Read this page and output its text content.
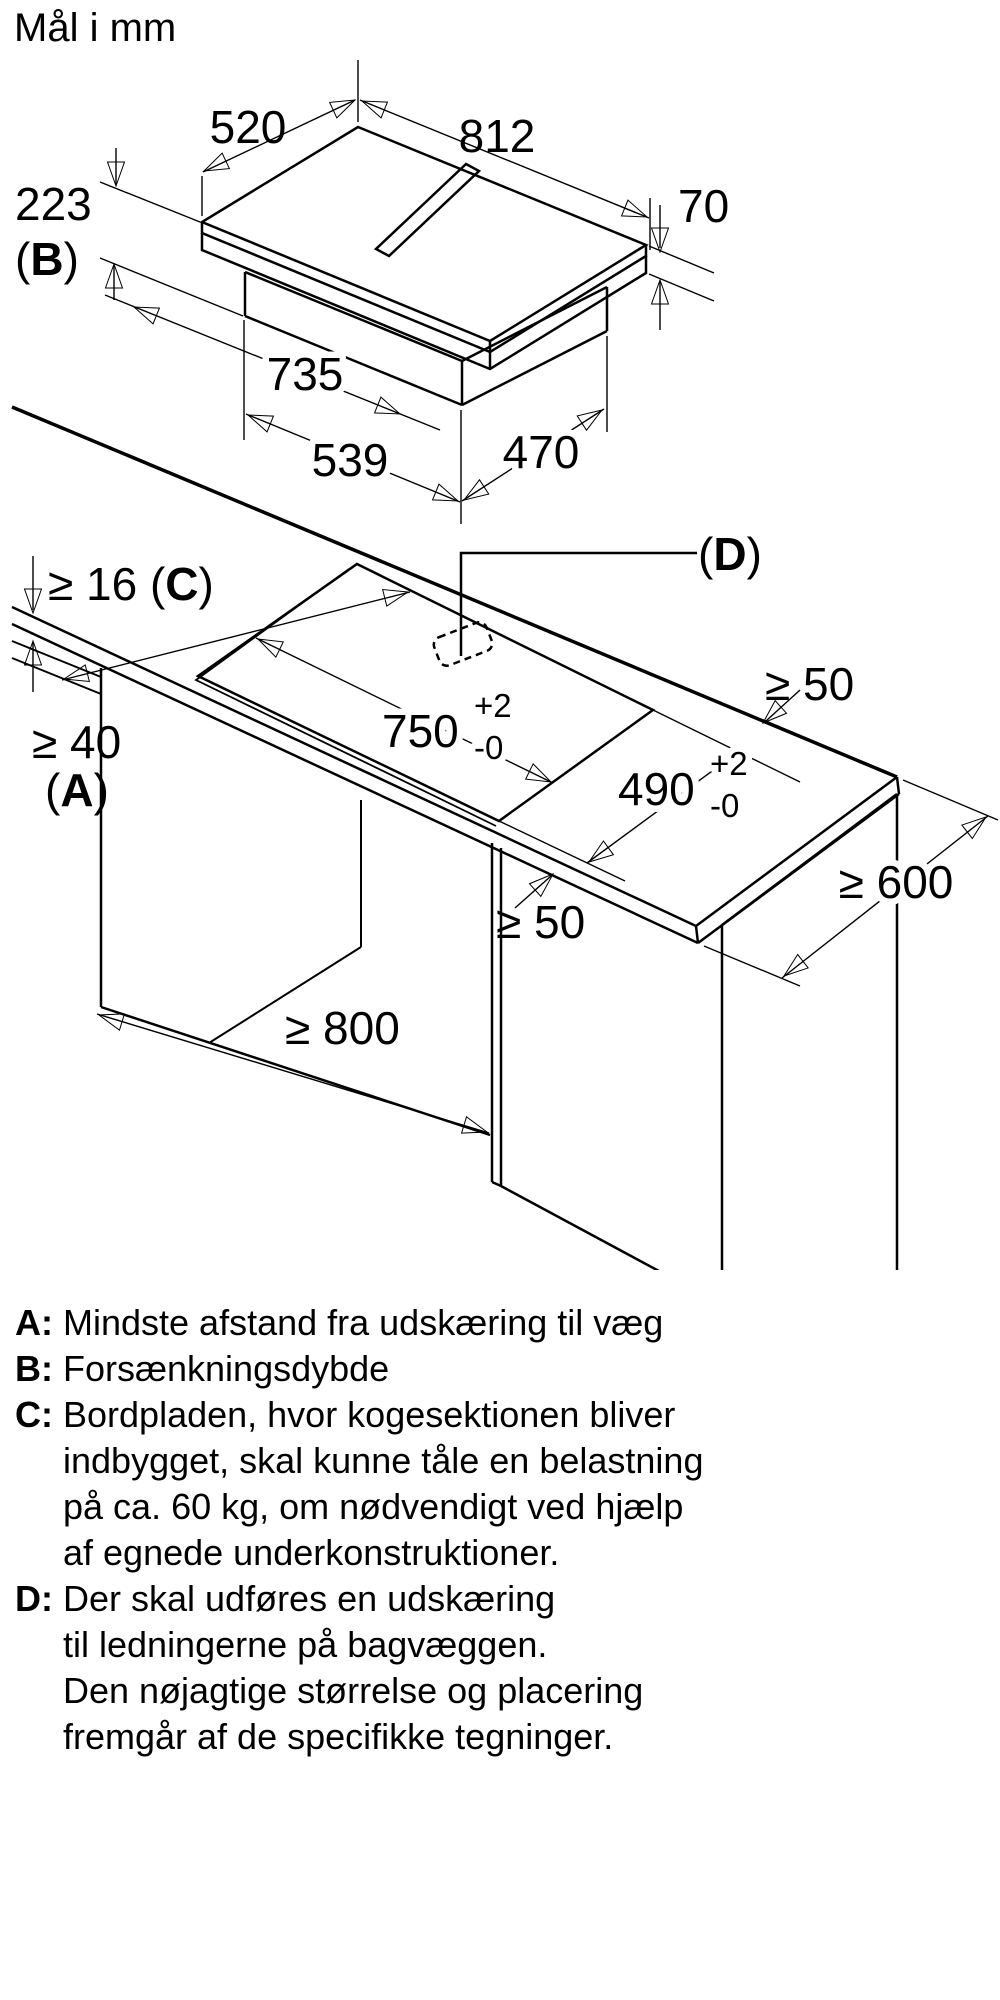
Mål i mm
520	812
223
(B)
70
735
539 470
≥ 16 (C)
≥ 40
(A)
(D)
750 +2
-0
490 +2
-0
≥ 50
≥ 50
≥ 600
≥ 800
A: Mindste afstand fra udskæring til væg
B: Forsænkningsdybde
C: Bordpladen, hvor kogesektionen bliver
indbygget, skal kunne tåle en belastning
på ca. 60 kg, om nødvendigt ved hjælp
af egnede underkonstruktioner.
D: Der skal udføres en udskæring
til ledningerne på bagvæggen.
Den nøjagtige størrelse og placering
fremgår af de specifikke tegninger.
